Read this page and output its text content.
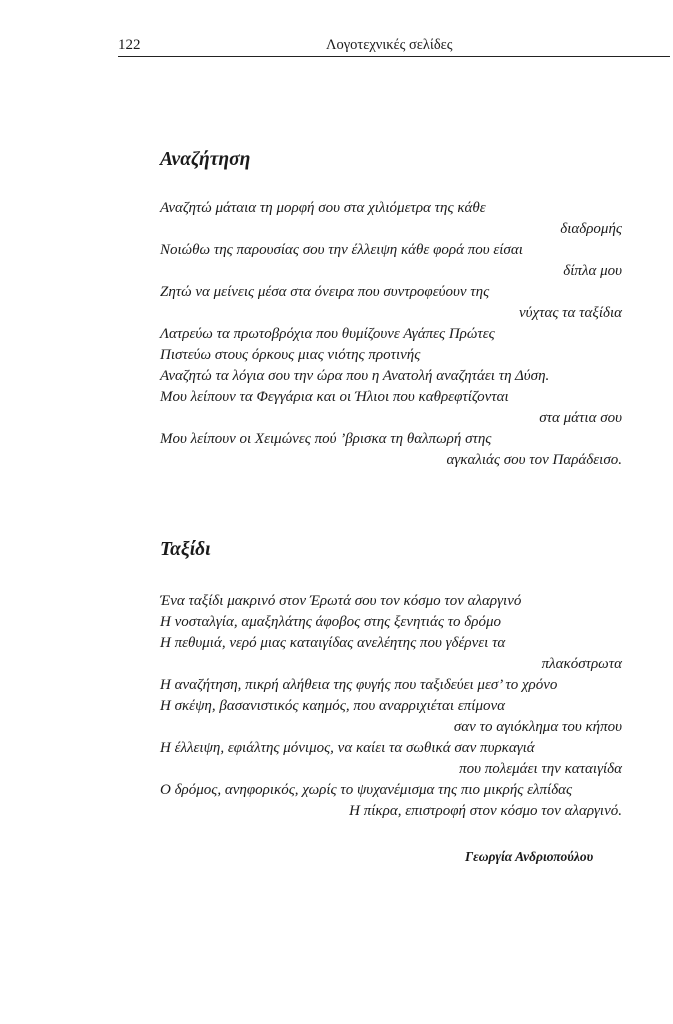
122	Λογοτεχνικές σελίδες
Αναζήτηση
Αναζητώ μάταια τη μορφή σου στα χιλιόμετρα της κάθε
διαδρομής
Νοιώθω της παρουσίας σου την έλλειψη κάθε φορά που είσαι
δίπλα μου
Ζητώ να μείνεις μέσα στα όνειρα που συντροφεύουν της
νύχτας τα ταξίδια
Λατρεύω τα πρωτοβρόχια που θυμίζουνε Αγάπες Πρώτες
Πιστεύω στους όρκους μιας νιότης προτινής
Αναζητώ τα λόγια σου την ώρα που η Ανατολή αναζητάει τη Δύση.
Μου λείπουν τα Φεγγάρια και οι Ήλιοι που καθρεφτίζονται
στα μάτια σου
Μου λείπουν οι Χειμώνες πού ’βρισκα τη θαλπωρή στης
αγκαλιάς σου τον Παράδεισο.
Ταξίδι
Ένα ταξίδι μακρινό στον Έρωτά σου τον κόσμο τον αλαργινό
Η νοσταλγία, αμαξηλάτης άφοβος στης ξενητιάς το δρόμο
Η πεθυμιά, νερό μιας καταιγίδας ανελέητης που γδέρνει τα
πλακόστρωτα
Η αναζήτηση, πικρή αλήθεια της φυγής που ταξιδεύει μεσ’ το χρόνο
Η σκέψη, βασανιστικός καημός, που αναρριχιέται επίμονα
σαν το αγιόκλημα του κήπου
Η έλλειψη, εφιάλτης μόνιμος, να καίει τα σωθικά σαν πυρκαγιά
που πολεμάει την καταιγίδα
Ο δρόμος, ανηφορικός, χωρίς το ψυχανέμισμα της πιο μικρής ελπίδας
Η πίκρα, επιστροφή στον κόσμο τον αλαργινό.
Γεωργία Ανδριοπούλου
